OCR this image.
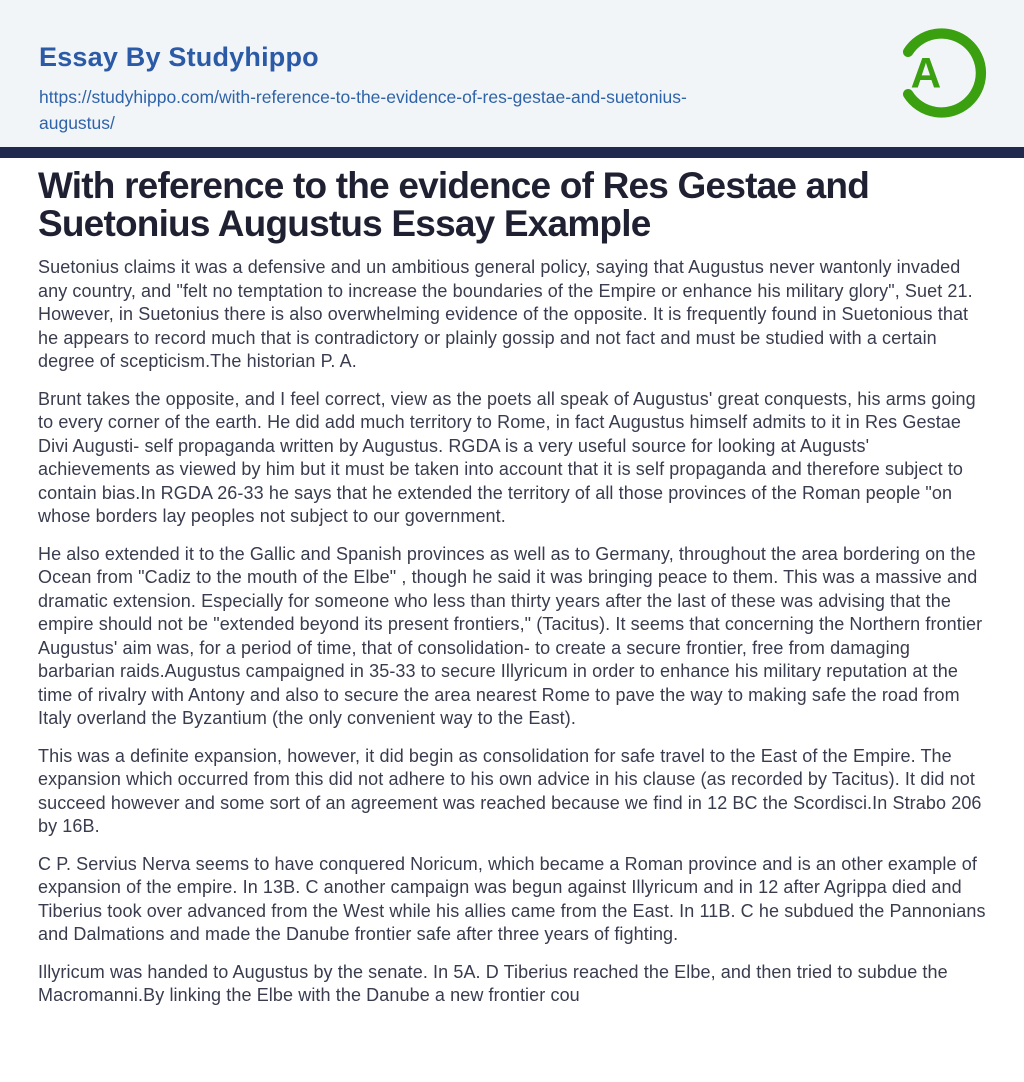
Essay By Studyhippo
https://studyhippo.com/with-reference-to-the-evidence-of-res-gestae-and-suetonius-augustus/
A
With reference to the evidence of Res Gestae and Suetonius Augustus Essay Example

Suetonius claims it was a defensive and un ambitious general policy, saying that Augustus never wantonly invaded any country, and "felt no temptation to increase the boundaries of the Empire or enhance his military glory", Suet 21. However, in Suetonius there is also overwhelming evidence of the opposite. It is frequently found in Suetonious that he appears to record much that is contradictory or plainly gossip and not fact and must be studied with a certain degree of scepticism.The historian P. A.

Brunt takes the opposite, and I feel correct, view as the poets all speak of Augustus' great conquests, his arms going to every corner of the earth. He did add much territory to Rome, in fact Augustus himself admits to it in Res Gestae Divi Augusti- self propaganda written by Augustus. RGDA is a very useful source for looking at Augusts' achievements as viewed by him but it must be taken into account that it is self propaganda and therefore subject to contain bias.In RGDA 26-33 he says that he extended the territory of all those provinces of the Roman people "on whose borders lay peoples not subject to our government.

He also extended it to the Gallic and Spanish provinces as well as to Germany, throughout the area bordering on the Ocean from "Cadiz to the mouth of the Elbe" , though he said it was bringing peace to them. This was a massive and dramatic extension. Especially for someone who less than thirty years after the last of these was advising that the empire should not be "extended beyond its present frontiers," (Tacitus). It seems that concerning the Northern frontier Augustus' aim was, for a period of time, that of consolidation- to create a secure frontier, free from damaging barbarian raids.Augustus campaigned in 35-33 to secure Illyricum in order to enhance his military reputation at the time of rivalry with Antony and also to secure the area nearest Rome to pave the way to making safe the road from Italy overland the Byzantium (the only convenient way to the East).

This was a definite expansion, however, it did begin as consolidation for safe travel to the East of the Empire. The expansion which occurred from this did not adhere to his own advice in his clause (as recorded by Tacitus). It did not succeed however and some sort of an agreement was reached because we find in 12 BC the Scordisci.In Strabo 206 by 16B.

C P. Servius Nerva seems to have conquered Noricum, which became a Roman province and is an other example of expansion of the empire. In 13B. C another campaign was begun against Illyricum and in 12 after Agrippa died and Tiberius took over advanced from the West while his allies came from the East. In 11B. C he subdued the Pannonians and Dalmations and made the Danube frontier safe after three years of fighting.

Illyricum was handed to Augustus by the senate. In 5A. D Tiberius reached the Elbe, and then tried to subdue the Macromanni.By linking the Elbe with the Danube a new frontier cou
